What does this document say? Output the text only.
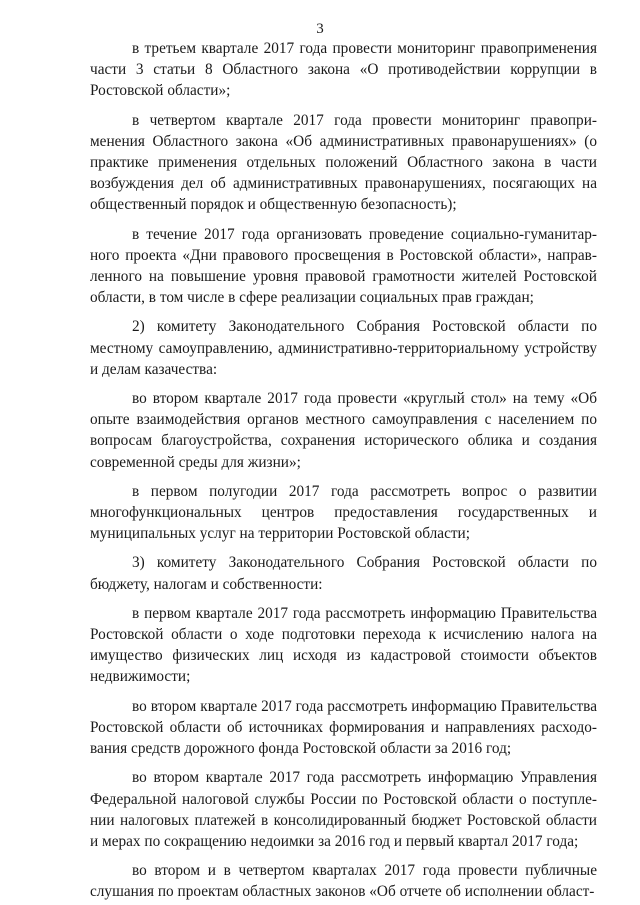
3

в третьем квартале 2017 года провести мониторинг правоприменения части 3 статьи 8 Областного закона «О противодействии коррупции в Ростовской области»;

в четвертом квартале 2017 года провести мониторинг правоприменения Областного закона «Об административных правонарушениях» (о практике применения отдельных положений Областного закона в части возбуждения дел об административных правонарушениях, посягающих на общественный порядок и общественную безопасность);

в течение 2017 года организовать проведение социально-гуманитарного проекта «Дни правового просвещения в Ростовской области», направленного на повышение уровня правовой грамотности жителей Ростовской области, в том числе в сфере реализации социальных прав граждан;

2) комитету Законодательного Собрания Ростовской области по местному самоуправлению, административно-территориальному устройству и делам казачества:

во втором квартале 2017 года провести «круглый стол» на тему «Об опыте взаимодействия органов местного самоуправления с населением по вопросам благоустройства, сохранения исторического облика и создания современной среды для жизни»;

в первом полугодии 2017 года рассмотреть вопрос о развитии многофункциональных центров предоставления государственных и муниципальных услуг на территории Ростовской области;

3) комитету Законодательного Собрания Ростовской области по бюджету, налогам и собственности:

в первом квартале 2017 года рассмотреть информацию Правительства Ростовской области о ходе подготовки перехода к исчислению налога на имущество физических лиц исходя из кадастровой стоимости объектов недвижимости;

во втором квартале 2017 года рассмотреть информацию Правительства Ростовской области об источниках формирования и направлениях расходования средств дорожного фонда Ростовской области за 2016 год;

во втором квартале 2017 года рассмотреть информацию Управления Федеральной налоговой службы России по Ростовской области о поступлении налоговых платежей в консолидированный бюджет Ростовской области и мерах по сокращению недоимки за 2016 год и первый квартал 2017 года;

во втором и в четвертом кварталах 2017 года провести публичные слушания по проектам областных законов «Об отчете об исполнении област-
